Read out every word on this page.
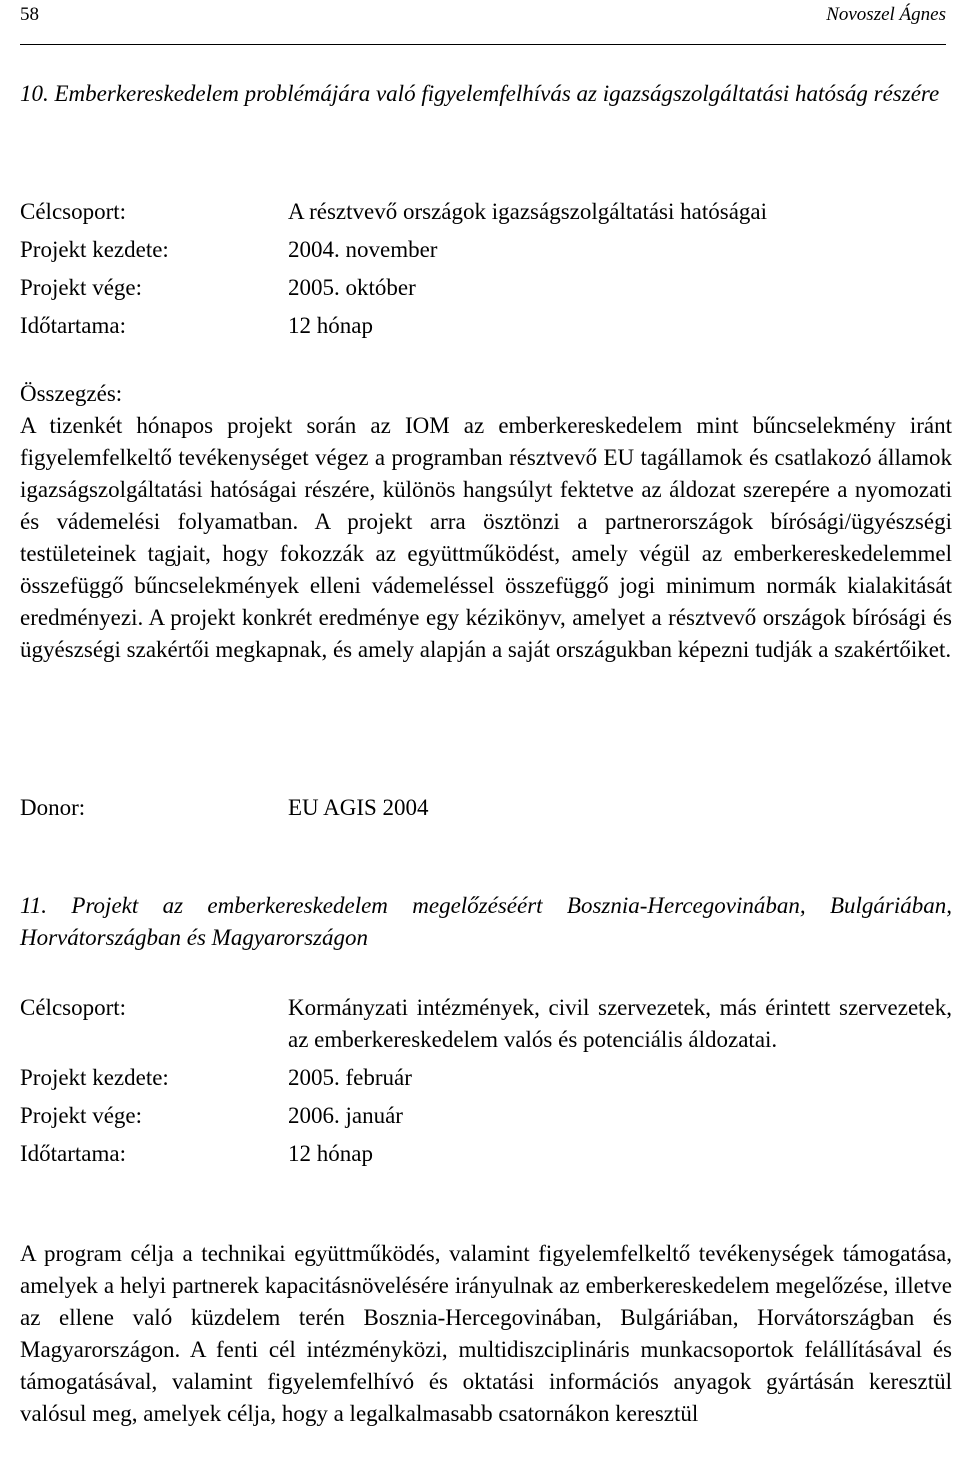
58	Novoszel Ágnes
10. Emberkereskedelem problémájára való figyelemfelhívás az igazságszolgáltatási hatóság részére
Célcsoport:	A résztvevő országok igazságszolgáltatási hatóságai
Projekt kezdete:	2004. november
Projekt vége:	2005. október
Időtartama:	12 hónap
Összegzés:

A tizenkét hónapos projekt során az IOM az emberkereskedelem mint bűncselekmény iránt figyelemfelkeltő tevékenységet végez a programban résztvevő EU tagállamok és csatlakozó államok igazságszolgáltatási hatóságai részére, különös hangsúlyt fektetve az áldozat szerepére a nyomozati és vádemelési folyamatban. A projekt arra ösztönzi a partnerországok bírósági/ügyészségi testületeinek tagjait, hogy fokozzák az együttműködést, amely végül az emberkereskedelemmel összefüggő bűncselekmények elleni vádemeléssel összefüggő jogi minimum normák kialakitását eredményezi. A projekt konkrét eredménye egy kézikönyv, amelyet a résztvevő országok bírósági és ügyészségi szakértői megkapnak, és amely alapján a saját országukban képezni tudják a szakértőiket.

Donor:	EU AGIS 2004
11. Projekt az emberkereskedelem megelőzéséért Bosznia-Hercegovinában, Bulgáriában, Horvátországban és Magyarországon
Célcsoport:	Kormányzati intézmények, civil szervezetek, más érintett szervezetek, az emberkereskedelem valós és potenciális áldozatai.
Projekt kezdete:	2005. február
Projekt vége:	2006. január
Időtartama:	12 hónap

A program célja a technikai együttműködés, valamint figyelemfelkeltő tevékenységek támogatása, amelyek a helyi partnerek kapacitásnövelésére irányulnak az emberkereskedelem megelőzése, illetve az ellene való küzdelem terén Bosznia-Hercegovinában, Bulgáriában, Horvátországban és Magyarországon. A fenti cél intézményközi, multidiszciplináris munkacsoportok felállításával és támogatásával, valamint figyelemfelhívó és oktatási információs anyagok gyártásán keresztül valósul meg, amelyek célja, hogy a legalkalmasabb csatornákon keresztül
